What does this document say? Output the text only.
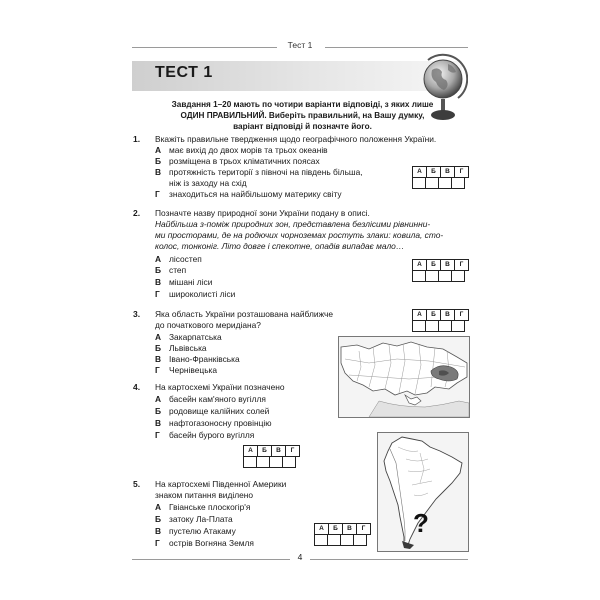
Тест 1
ТЕСТ 1
Завдання 1–20 мають по чотири варіанти відповіді, з яких лише
ОДИН ПРАВИЛЬНИЙ. Виберіть правильний, на Вашу думку,
варіант відповіді й позначте його.
1. Вкажіть правильне твердження щодо географічного положення України.
А має вихід до двох морів та трьох океанів
Б розміщена в трьох кліматичних поясах
В протяжність території з півночі на південь більша,
ніж із заходу на схід
Г знаходиться на найбільшому материку світу
А	Б	В	Г
2. Позначте назву природної зони України подану в описі.
Найбільша з-поміж природних зон, представлена безлісими рівнинни-
ми просторами, де на родючих чорноземах ростуть злаки: ковила, сто-
колос, тонконіг. Літо довге і спекотне, опадів випадає мало…
А лісостеп
Б степ
В мішані ліси
Г широколисті ліси
А	Б	В	Г
3. Яка область України розташована найближче
до початкового меридіана?
А Закарпатська
Б Львівська
В Івано-Франківська
Г Чернівецька
А	Б	В	Г
4. На картосхемі України позначено
А басейн кам'яного вугілля
Б родовище калійних солей
В нафтогазоносну провінцію
Г басейн бурого вугілля
А	Б	В	Г
?
5. На картосхемі Південної Америки
знаком питання виділено
А Гвіанське плоскогір'я
Б затоку Ла-Плата
В пустелю Атакаму
Г острів Вогняна Земля
А	Б	В	Г
4
